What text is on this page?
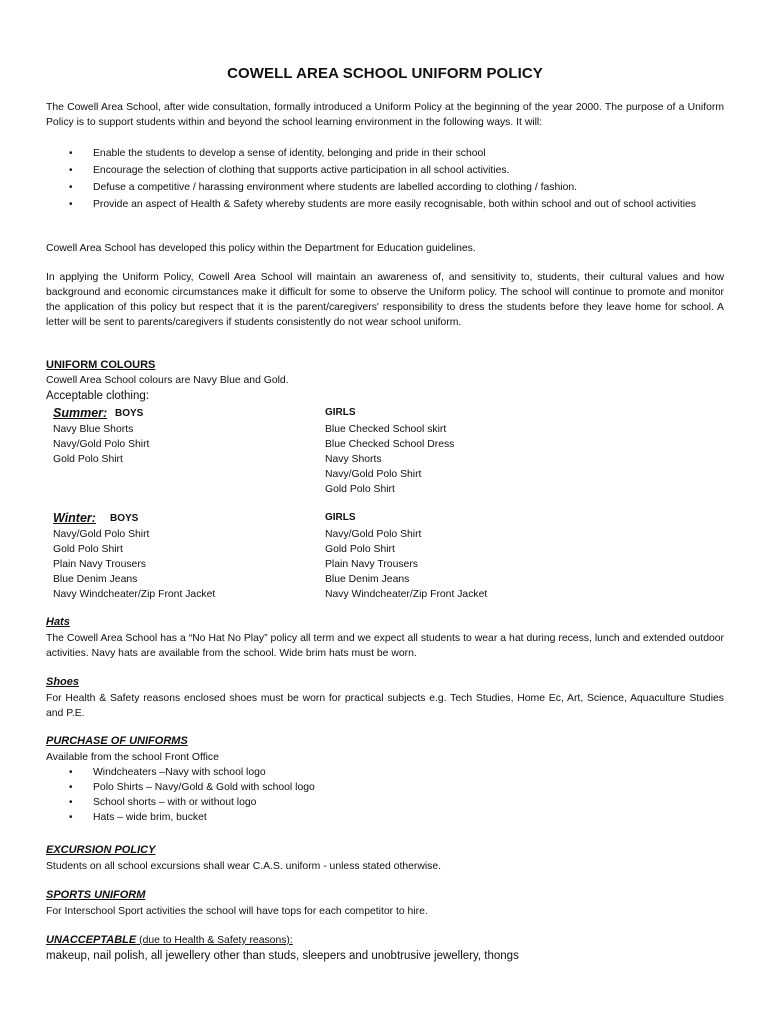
COWELL AREA SCHOOL UNIFORM POLICY

The Cowell Area School, after wide consultation, formally introduced a Uniform Policy at the beginning of the year 2000. The purpose of a Uniform Policy is to support students within and beyond the school learning environment in the following ways. It will:

• Enable the students to develop a sense of identity, belonging and pride in their school
• Encourage the selection of clothing that supports active participation in all school activities.
• Defuse a competitive / harassing environment where students are labelled according to clothing / fashion.
• Provide an aspect of Health & Safety whereby students are more easily recognisable, both within school and out of school activities

Cowell Area School has developed this policy within the Department for Education guidelines.

In applying the Uniform Policy, Cowell Area School will maintain an awareness of, and sensitivity to, students, their cultural values and how background and economic circumstances make it difficult for some to observe the Uniform policy. The school will continue to promote and monitor the application of this policy but respect that it is the parent/caregivers' responsibility to dress the students before they leave home for school. A letter will be sent to parents/caregivers if students consistently do not wear school uniform.

UNIFORM COLOURS

Cowell Area School colours are Navy Blue and Gold.

Acceptable clothing:

Summer: BOYS	GIRLS
Navy Blue Shorts
Navy/Gold Polo Shirt
Gold Polo Shirt
Blue Checked School skirt
Blue Checked School Dress
Navy Shorts
Navy/Gold Polo Shirt
Gold Polo Shirt
Winter: BOYS	GIRLS
Navy/Gold Polo Shirt
Gold Polo Shirt
Plain Navy Trousers
Blue Denim Jeans
Navy Windcheater/Zip Front Jacket
Navy/Gold Polo Shirt
Gold Polo Shirt
Plain Navy Trousers
Blue Denim Jeans
Navy Windcheater/Zip Front Jacket
Hats

The Cowell Area School has a “No Hat No Play” policy all term and we expect all students to wear a hat during recess, lunch and extended outdoor activities. Navy hats are available from the school. Wide brim hats must be worn.

Shoes

For Health & Safety reasons enclosed shoes must be worn for practical subjects e.g. Tech Studies, Home Ec, Art, Science, Aquaculture Studies and P.E.

PURCHASE OF UNIFORMS

Available from the school Front Office

• Windcheaters –Navy with school logo
• Polo Shirts – Navy/Gold & Gold with school logo
• School shorts – with or without logo
• Hats – wide brim, bucket
EXCURSION POLICY

Students on all school excursions shall wear C.A.S. uniform - unless stated otherwise.

SPORTS UNIFORM

For Interschool Sport activities the school will have tops for each competitor to hire.

UNACCEPTABLE (due to Health & Safety reasons):

makeup, nail polish, all jewellery other than studs, sleepers and unobtrusive jewellery, thongs
